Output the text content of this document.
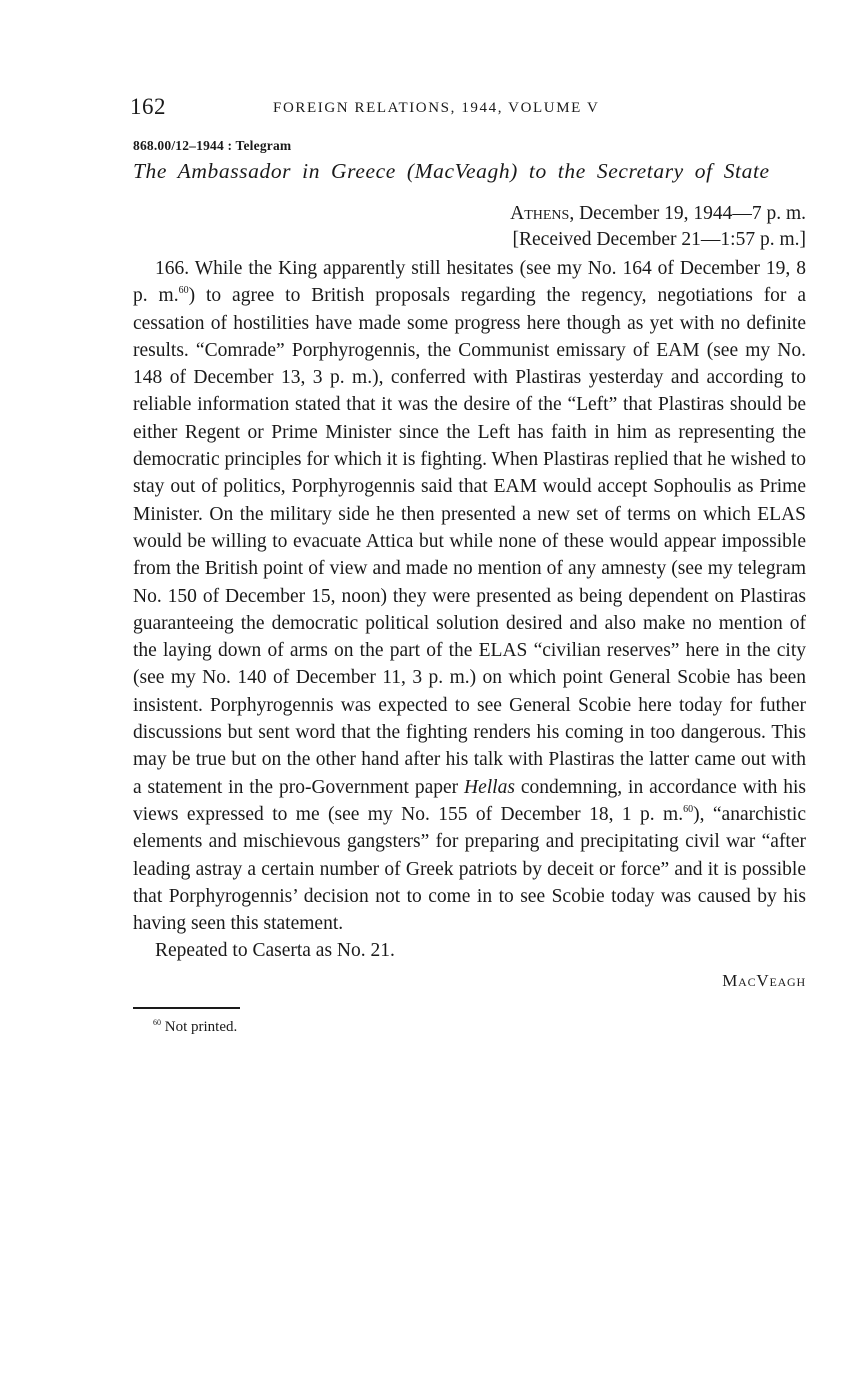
162	FOREIGN RELATIONS, 1944, VOLUME V
868.00/12–1944 : Telegram
The Ambassador in Greece (MacVeagh) to the Secretary of State
Athens, December 19, 1944—7 p. m.
[Received December 21—1:57 p. m.]

166. While the King apparently still hesitates (see my No. 164 of December 19, 8 p. m.$^{60}$) to agree to British proposals regarding the regency, negotiations for a cessation of hostilities have made some progress here though as yet with no definite results. “Comrade” Porphyrogennis, the Communist emissary of EAM (see my No. 148 of December 13, 3 p. m.), conferred with Plastiras yesterday and according to reliable information stated that it was the desire of the “Left” that Plastiras should be either Regent or Prime Minister since the Left has faith in him as representing the democratic principles for which it is fighting. When Plastiras replied that he wished to stay out of politics, Porphyrogennis said that EAM would accept Sophoulis as Prime Minister. On the military side he then presented a new set of terms on which ELAS would be willing to evacuate Attica but while none of these would appear impossible from the British point of view and made no mention of any amnesty (see my telegram No. 150 of December 15, noon) they were presented as being dependent on Plastiras guaranteeing the democratic political solution desired and also make no mention of the laying down of arms on the part of the ELAS “civilian reserves” here in the city (see my No. 140 of December 11, 3 p. m.) on which point General Scobie has been insistent. Porphyrogennis was expected to see General Scobie here today for futher discussions but sent word that the fighting renders his coming in too dangerous. This may be true but on the other hand after his talk with Plastiras the latter came out with a statement in the pro-Government paper Hellas condemning, in accordance with his views expressed to me (see my No. 155 of December 18, 1 p. m.$^{60}$), “anarchistic elements and mischievous gangsters” for preparing and precipitating civil war “after leading astray a certain number of Greek patriots by deceit or force” and it is possible that Porphyrogennis’ decision not to come in to see Scobie today was caused by his having seen this statement.

Repeated to Caserta as No. 21.

MacVeagh
$^{60}$ Not printed.
